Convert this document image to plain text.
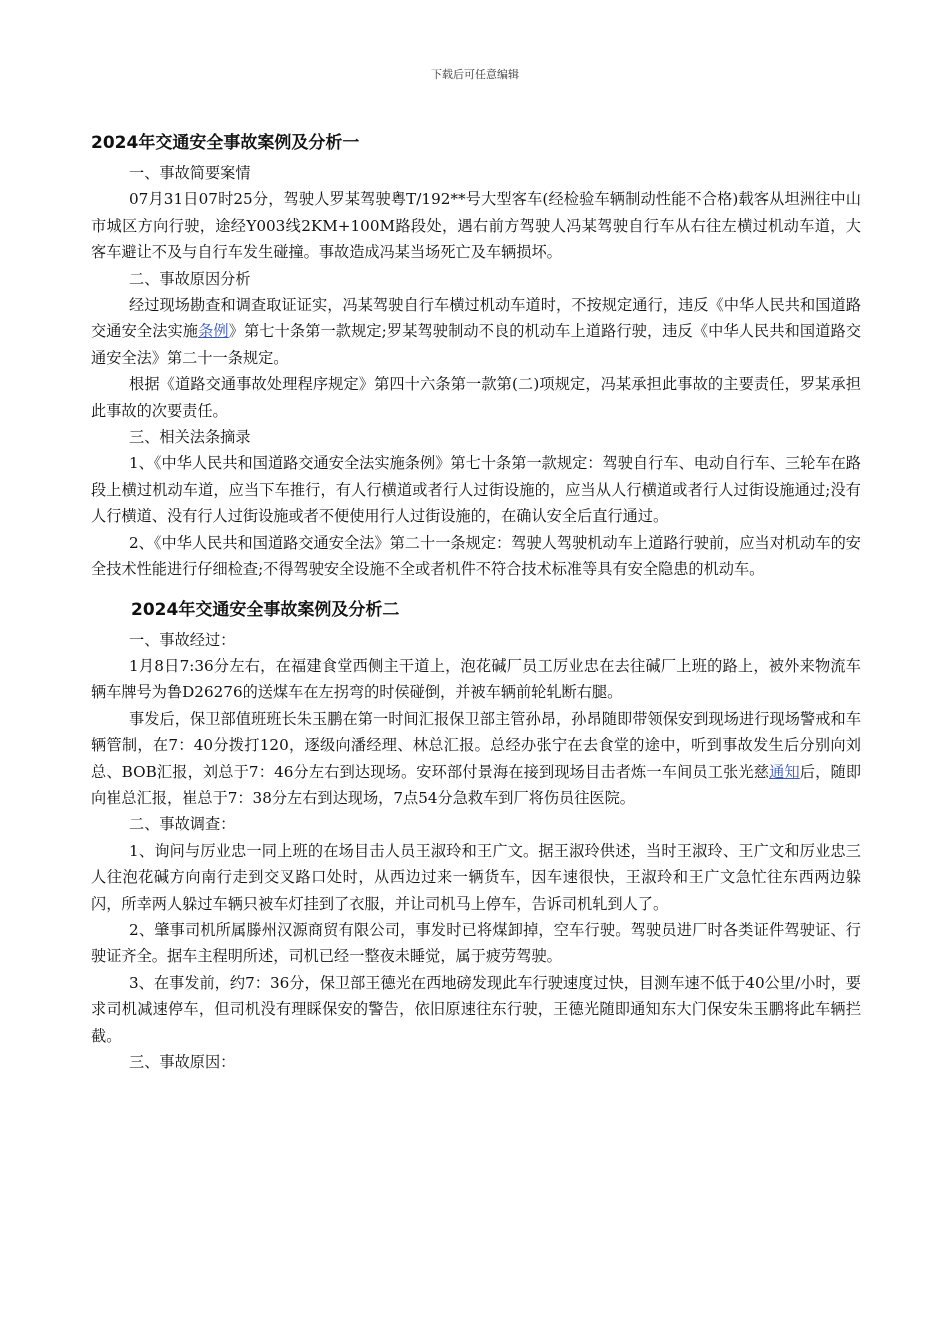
下载后可任意编辑
2024年交通安全事故案例及分析一

一、事故简要案情

07月31日07时25分，驾驶人罗某驾驶粤T/192**号大型客车(经检验车辆制动性能不合格)载客从坦洲往中山市城区方向行驶，途经Y003线2KM+100M路段处，遇右前方驾驶人冯某驾驶自行车从右往左横过机动车道，大客车避让不及与自行车发生碰撞。事故造成冯某当场死亡及车辆损坏。

二、事故原因分析

经过现场勘查和调查取证证实，冯某驾驶自行车横过机动车道时，不按规定通行，违反《中华人民共和国道路交通安全法实施条例》第七十条第一款规定;罗某驾驶制动不良的机动车上道路行驶，违反《中华人民共和国道路交通安全法》第二十一条规定。

根据《道路交通事故处理程序规定》第四十六条第一款第(二)项规定，冯某承担此事故的主要责任，罗某承担此事故的次要责任。

三、相关法条摘录

1、《中华人民共和国道路交通安全法实施条例》第七十条第一款规定：驾驶自行车、电动自行车、三轮车在路段上横过机动车道，应当下车推行，有人行横道或者行人过街设施的，应当从人行横道或者行人过街设施通过;没有人行横道、没有行人过街设施或者不便使用行人过街设施的，在确认安全后直行通过。

2、《中华人民共和国道路交通安全法》第二十一条规定：驾驶人驾驶机动车上道路行驶前，应当对机动车的安全技术性能进行仔细检查;不得驾驶安全设施不全或者机件不符合技术标准等具有安全隐患的机动车。

2024年交通安全事故案例及分析二

一、事故经过：

1月8日7:36分左右，在福建食堂西侧主干道上，泡花碱厂员工厉业忠在去往碱厂上班的路上，被外来物流车辆车牌号为鲁D26276的送煤车在左拐弯的时侯碰倒，并被车辆前轮轧断右腿。

事发后，保卫部值班班长朱玉鹏在第一时间汇报保卫部主管孙昂，孙昂随即带领保安到现场进行现场警戒和车辆管制，在7：40分拨打120，逐级向潘经理、林总汇报。总经办张宁在去食堂的途中，听到事故发生后分别向刘总、BOB汇报，刘总于7：46分左右到达现场。安环部付景海在接到现场目击者炼一车间员工张光慈通知后，随即向崔总汇报，崔总于7：38分左右到达现场，7点54分急救车到厂将伤员往医院。

二、事故调查：

1、询问与厉业忠一同上班的在场目击人员王淑玲和王广文。据王淑玲供述，当时王淑玲、王广文和厉业忠三人往泡花碱方向南行走到交叉路口处时，从西边过来一辆货车，因车速很快，王淑玲和王广文急忙往东西两边躲闪，所幸两人躲过车辆只被车灯挂到了衣服，并让司机马上停车，告诉司机轧到人了。

2、肇事司机所属滕州汉源商贸有限公司，事发时已将煤卸掉，空车行驶。驾驶员进厂时各类证件驾驶证、行驶证齐全。据车主程明所述，司机已经一整夜未睡觉，属于疲劳驾驶。

3、在事发前，约7：36分，保卫部王德光在西地磅发现此车行驶速度过快，目测车速不低于40公里/小时，要求司机减速停车，但司机没有理睬保安的警告，依旧原速往东行驶，王德光随即通知东大门保安朱玉鹏将此车辆拦截。

三、事故原因：
